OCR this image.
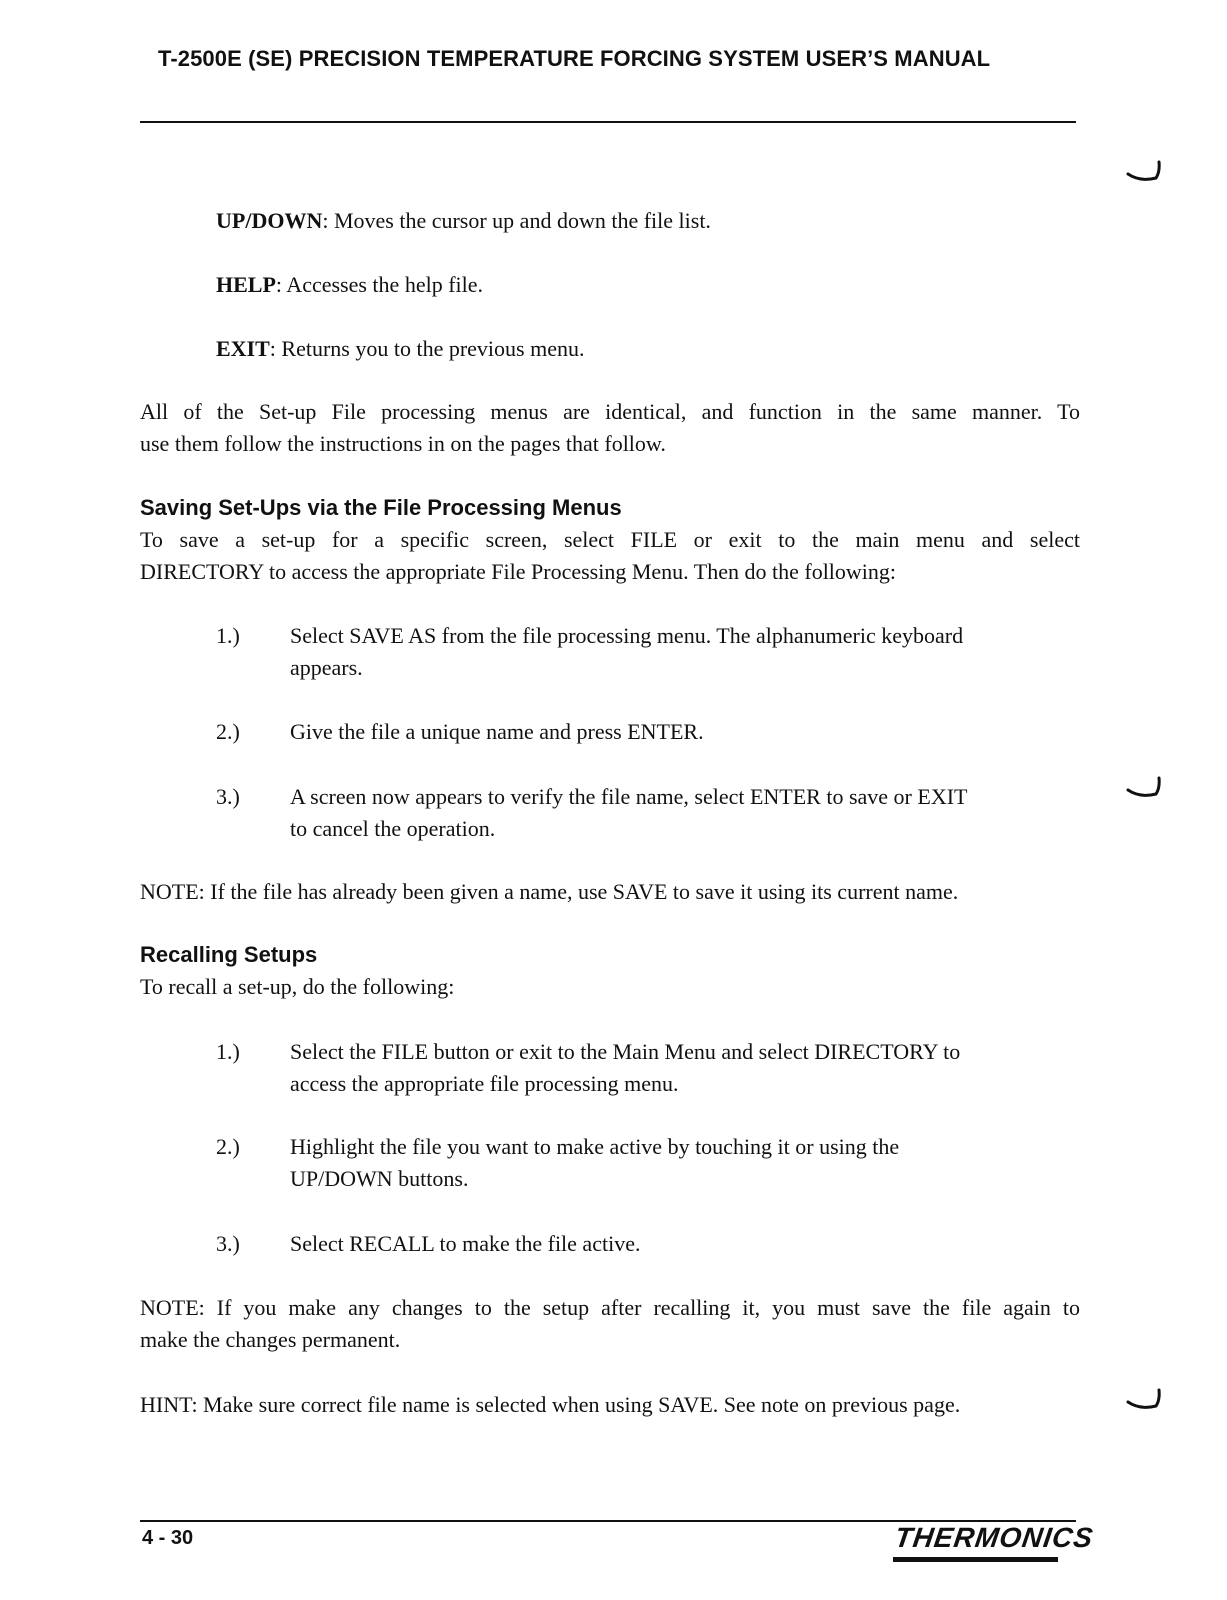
T-2500E (SE) PRECISION TEMPERATURE FORCING SYSTEM USER’S MANUAL
UP/DOWN: Moves the cursor up and down the file list.
HELP: Accesses the help file.
EXIT: Returns you to the previous menu.
All of the Set-up File processing menus are identical, and function in the same manner. To
use them follow the instructions in on the pages that follow.
Saving Set-Ups via the File Processing Menus
To save a set-up for a specific screen, select FILE or exit to the main menu and select
DIRECTORY to access the appropriate File Processing Menu. Then do the following:
1.) Select SAVE AS from the file processing menu. The alphanumeric keyboard
appears.
2.) Give the file a unique name and press ENTER.
3.) A screen now appears to verify the file name, select ENTER to save or EXIT
to cancel the operation.
NOTE: If the file has already been given a name, use SAVE to save it using its current name.
Recalling Setups
To recall a set-up, do the following:
1.) Select the FILE button or exit to the Main Menu and select DIRECTORY to
access the appropriate file processing menu.
2.) Highlight the file you want to make active by touching it or using the
UP/DOWN buttons.
3.) Select RECALL to make the file active.
NOTE: If you make any changes to the setup after recalling it, you must save the file again to
make the changes permanent.
HINT: Make sure correct file name is selected when using SAVE. See note on previous page.
4 - 30	THERMONICS
